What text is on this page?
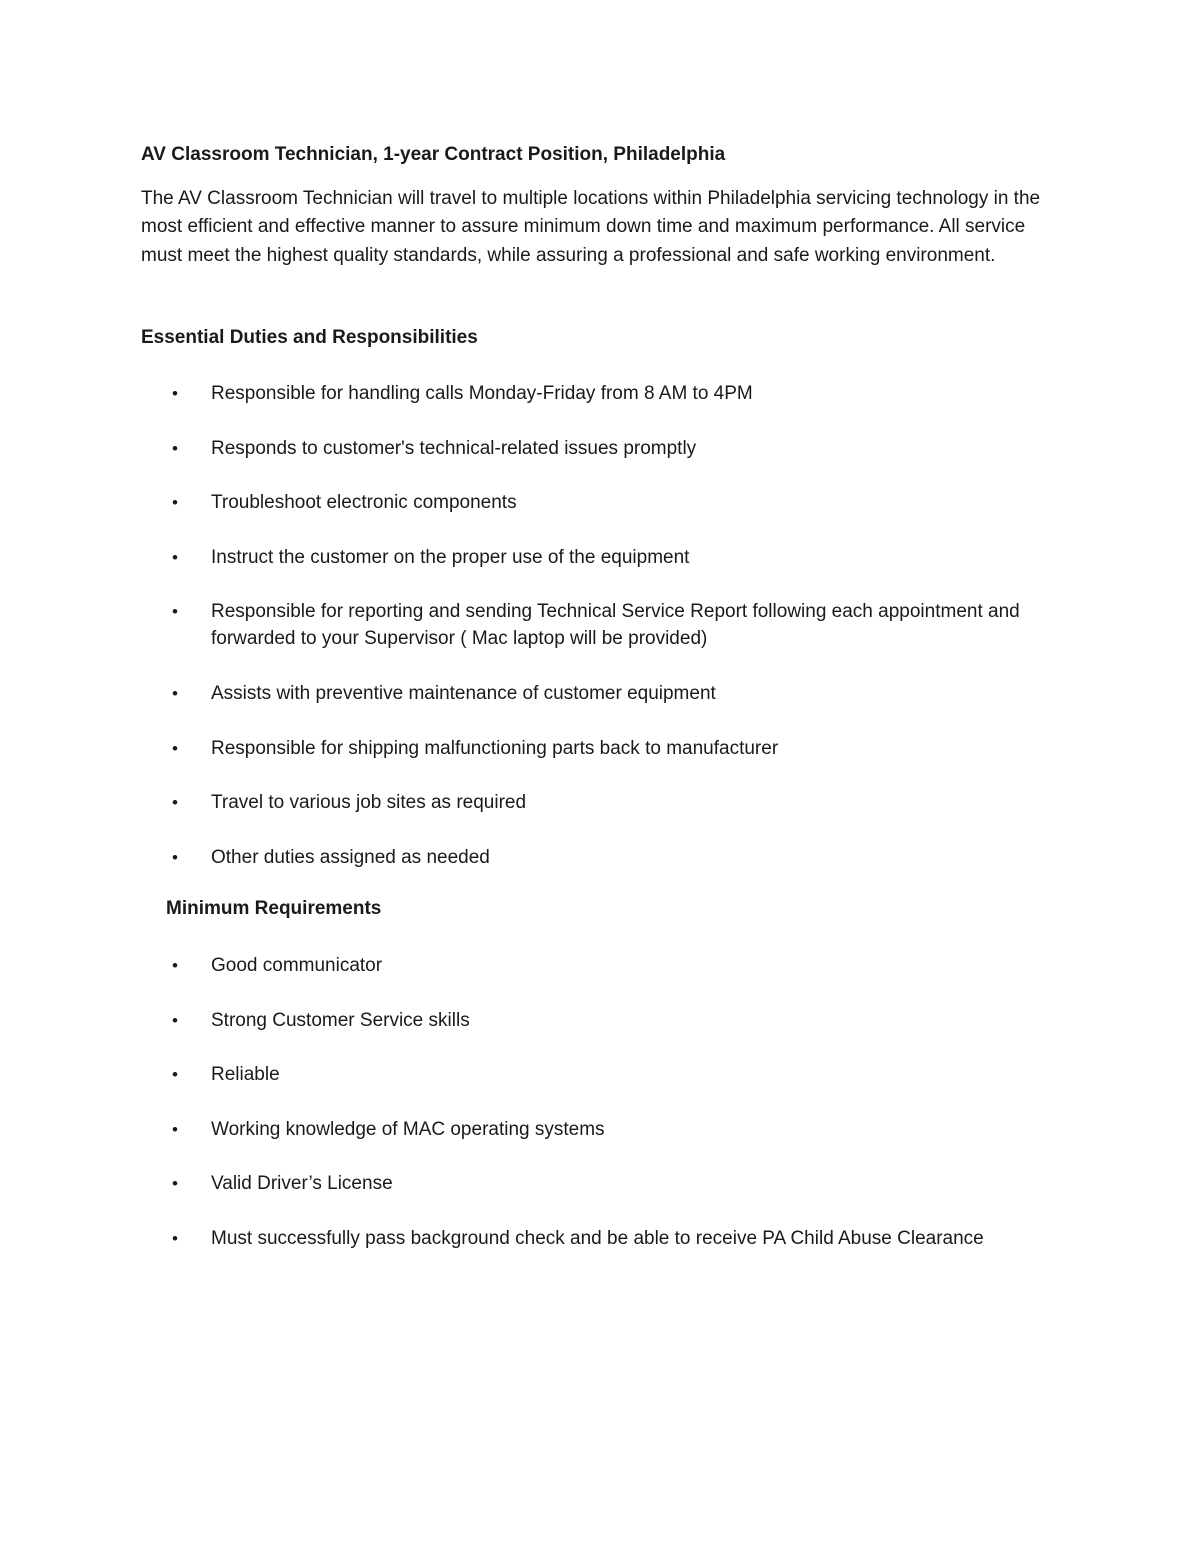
AV Classroom Technician, 1-year Contract Position, Philadelphia

The AV Classroom Technician will travel to multiple locations within Philadelphia servicing technology in the most efficient and effective manner to assure minimum down time and maximum performance. All service must meet the highest quality standards, while assuring a professional and safe working environment.

Essential Duties and Responsibilities
•	Responsible for handling calls Monday-Friday from 8 AM to 4PM
•	Responds to customer's technical-related issues promptly
•	Troubleshoot electronic components
•	Instruct the customer on the proper use of the equipment
•	Responsible for reporting and sending Technical Service Report following each appointment and forwarded to your Supervisor ( Mac laptop will be provided)
•	Assists with preventive maintenance of customer equipment
•	Responsible for shipping malfunctioning parts back to manufacturer
•	Travel to various job sites as required
•	Other duties assigned as needed
Minimum Requirements
•	Good communicator
•	Strong Customer Service skills
•	Reliable
•	Working knowledge of MAC operating systems
•	Valid Driver’s License
•	Must successfully pass background check and be able to receive PA Child Abuse Clearance
